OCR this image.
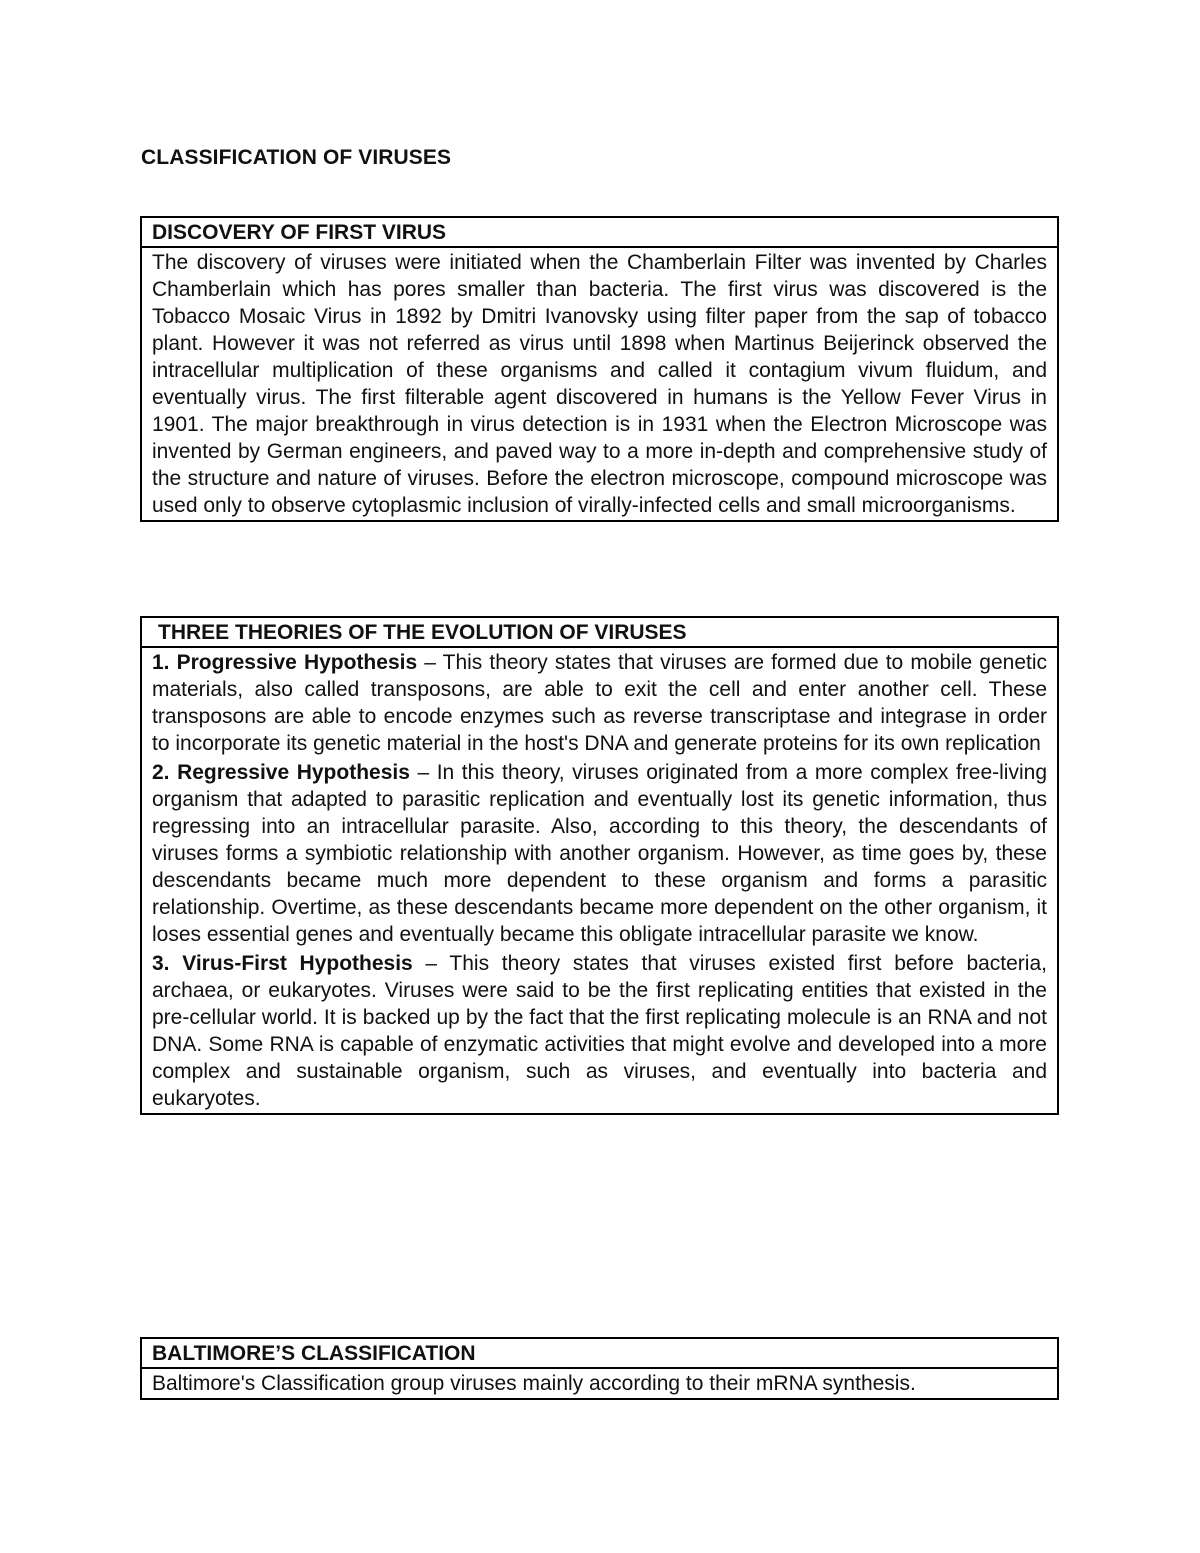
CLASSIFICATION OF VIRUSES
DISCOVERY OF FIRST VIRUS
The discovery of viruses were initiated when the Chamberlain Filter was invented by Charles Chamberlain which has pores smaller than bacteria. The first virus was discovered is the Tobacco Mosaic Virus in 1892 by Dmitri Ivanovsky using filter paper from the sap of tobacco plant. However it was not referred as virus until 1898 when Martinus Beijerinck observed the intracellular multiplication of these organisms and called it contagium vivum fluidum, and eventually virus. The first filterable agent discovered in humans is the Yellow Fever Virus in 1901. The major breakthrough in virus detection is in 1931 when the Electron Microscope was invented by German engineers, and paved way to a more in-depth and comprehensive study of the structure and nature of viruses. Before the electron microscope, compound microscope was used only to observe cytoplasmic inclusion of virally-infected cells and small microorganisms.
THREE THEORIES OF THE EVOLUTION OF VIRUSES
1. Progressive Hypothesis – This theory states that viruses are formed due to mobile genetic materials, also called transposons, are able to exit the cell and enter another cell. These transposons are able to encode enzymes such as reverse transcriptase and integrase in order to incorporate its genetic material in the host's DNA and generate proteins for its own replication
2. Regressive Hypothesis – In this theory, viruses originated from a more complex free-living organism that adapted to parasitic replication and eventually lost its genetic information, thus regressing into an intracellular parasite. Also, according to this theory, the descendants of viruses forms a symbiotic relationship with another organism. However, as time goes by, these descendants became much more dependent to these organism and forms a parasitic relationship. Overtime, as these descendants became more dependent on the other organism, it loses essential genes and eventually became this obligate intracellular parasite we know.
3. Virus-First Hypothesis – This theory states that viruses existed first before bacteria, archaea, or eukaryotes. Viruses were said to be the first replicating entities that existed in the pre-cellular world. It is backed up by the fact that the first replicating molecule is an RNA and not DNA. Some RNA is capable of enzymatic activities that might evolve and developed into a more complex and sustainable organism, such as viruses, and eventually into bacteria and eukaryotes.
BALTIMORE’S CLASSIFICATION
Baltimore's Classification group viruses mainly according to their mRNA synthesis.
